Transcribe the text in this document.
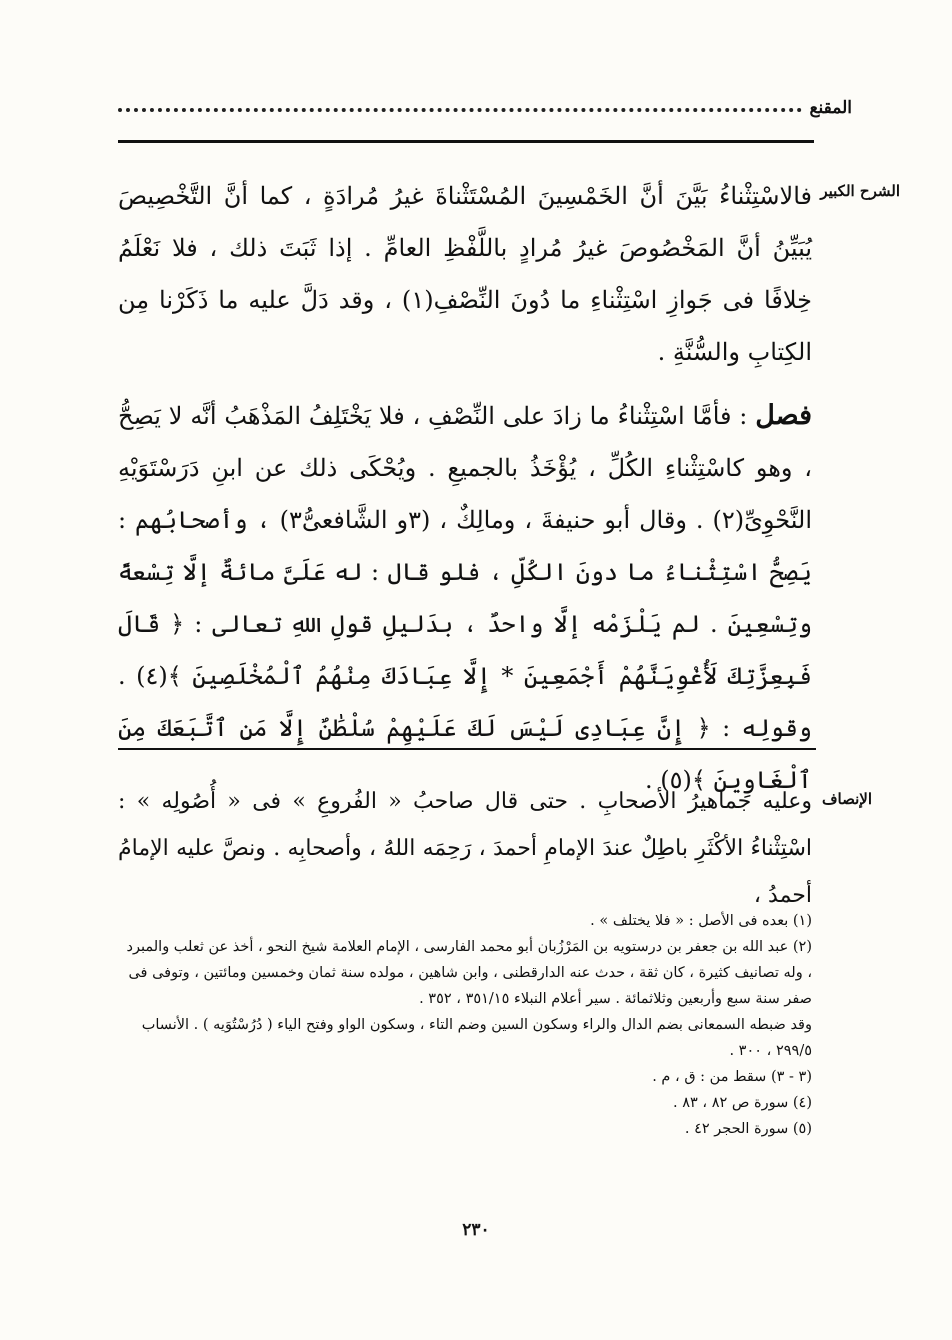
المقنع
الشرح الكبير

فالاسْتِثْناءُ بَيَّنَ أنَّ الخَمْسِينَ المُسْتَثْناةَ غيرُ مُرادَةٍ ، كما أنَّ التَّخْصِيصَ يُبَيِّنُ أنَّ المَخْصُوصَ غيرُ مُرادٍ باللَّفْظِ العامِّ . إذا ثَبَتَ ذلك ، فلا نَعْلَمُ خِلافًا فى جَوازِ اسْتِثْناءِ ما دُونَ النِّصْفِ(١) ، وقد دَلَّ عليه ما ذَكَرْنا مِن الكِتابِ والسُّنَّةِ .

فصل : فأمَّا اسْتِثْناءُ ما زادَ على النِّصْفِ ، فلا يَخْتَلِفُ المَذْهَبُ أنَّه لا يَصِحُّ ، وهو كاسْتِثْناءِ الكُلِّ ، يُؤْخَذُ بالجميعِ . ويُحْكَى ذلك عن ابنِ دَرَسْتَوَيْهِ النَّحْوِىِّ(٢) . وقال أبو حنيفةَ ، ومالِكٌ ، (٣و الشَّافعىُّ٣) ، وأصحابُهم : يَصِحُّ اسْتِثْناءُ ما دونَ الكُلِّ ، فلو قال : له عَلَىَّ مائةٌ إلَّا تِسْعةً وتِسْعِينَ . لم يَلْزَمْه إلَّا واحدٌ ، بدَليلِ قولِ اللهِ تعالى : ﴿ قَالَ فَبِعِزَّتِكَ لَأُغْوِيَنَّهُمْ أَجْمَعِينَ * إِلَّا عِبَادَكَ مِنْهُمُ ٱلْمُخْلَصِينَ ﴾(٤) . وقولِه : ﴿ إِنَّ عِبَادِى لَيْسَ لَكَ عَلَيْهِمْ سُلْطَٰنٌ إِلَّا مَنِ ٱتَّبَعَكَ مِنَ ٱلْغَاوِينَ ﴾(٥) .

الإنصاف
وعليه جماهيرُ الأصحابِ . حتى قال صاحبُ « الفُروعِ » فى « أُصُولِه » : اسْتِثْناءُ الأكْثَرِ باطِلٌ عندَ الإمامِ أحمدَ ، رَحِمَه اللهُ ، وأصحابِه . ونصَّ عليه الإمامُ أحمدُ ،
(١) بعده فى الأصل : « فلا يختلف » .
(٢) عبد الله بن جعفر بن درستويه بن المَرْزُبان أبو محمد الفارسى ، الإمام العلامة شيخ النحو ، أخذ عن ثعلب والمبرد ، وله تصانيف كثيرة ، كان ثقة ، حدث عنه الدارقطنى ، وابن شاهين ، مولده سنة ثمان وخمسين ومائتين ، وتوفى فى صفر سنة سبع وأربعين وثلاثمائة . سير أعلام النبلاء ٣٥١/١٥ ، ٣٥٢ .
وقد ضبطه السمعانى بضم الدال والراء وسكون السين وضم التاء ، وسكون الواو وفتح الياء ( دُرُسْتُوَيه ) . الأنساب ٢٩٩/٥ ، ٣٠٠ .
(٣ - ٣) سقط من : ق ، م .
(٤) سورة ص ٨٢ ، ٨٣ .
(٥) سورة الحجر ٤٢ .
٢٣٠
